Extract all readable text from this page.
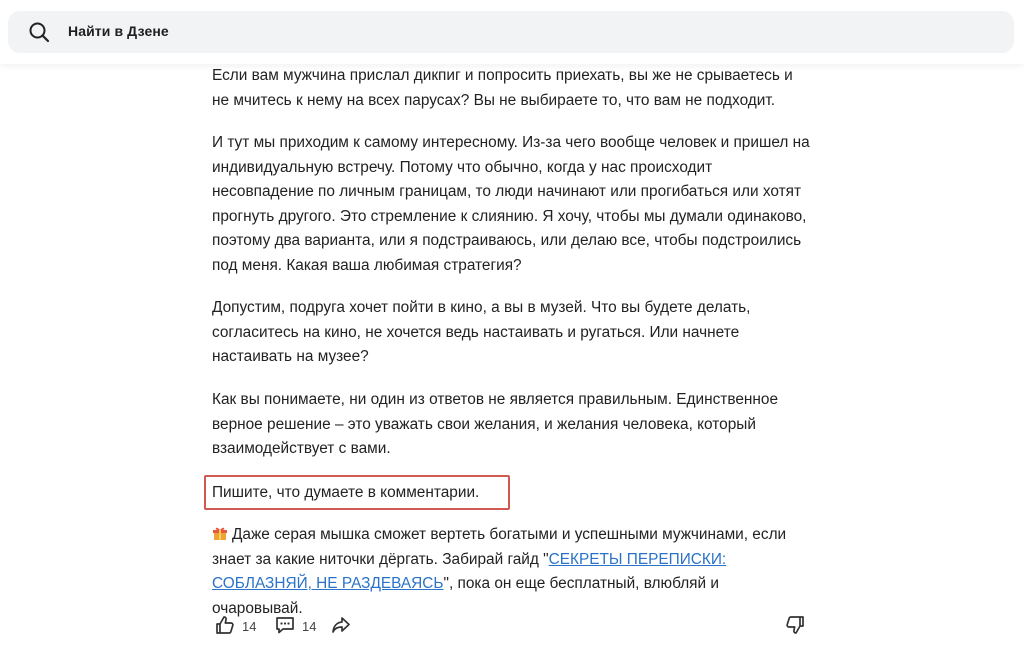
Найти в Дзене

Если вам мужчина прислал дикпиг и попросить приехать, вы же не срываетесь и не мчитесь к нему на всех парусах? Вы не выбираете то, что вам не подходит.

И тут мы приходим к самому интересному. Из-за чего вообще человек и пришел на индивидуальную встречу. Потому что обычно, когда у нас происходит несовпадение по личным границам, то люди начинают или прогибаться или хотят прогнуть другого. Это стремление к слиянию. Я хочу, чтобы мы думали одинаково, поэтому два варианта, или я подстраиваюсь, или делаю все, чтобы подстроились под меня. Какая ваша любимая стратегия?

Допустим, подруга хочет пойти в кино, а вы в музей. Что вы будете делать, согласитесь на кино, не хочется ведь настаивать и ругаться. Или начнете настаивать на музее?

Как вы понимаете, ни один из ответов не является правильным. Единственное верное решение – это уважать свои желания, и желания человека, который взаимодействует с вами.

Пишите, что думаете в комментарии.

Даже серая мышка сможет вертеть богатыми и успешными мужчинами, если знает за какие ниточки дёргать. Забирай гайд "СЕКРЕТЫ ПЕРЕПИСКИ: СОБЛАЗНЯЙ, НЕ РАЗДЕВАЯСЬ", пока он еще бесплатный, влюбляй и очаровывай.

14	14
